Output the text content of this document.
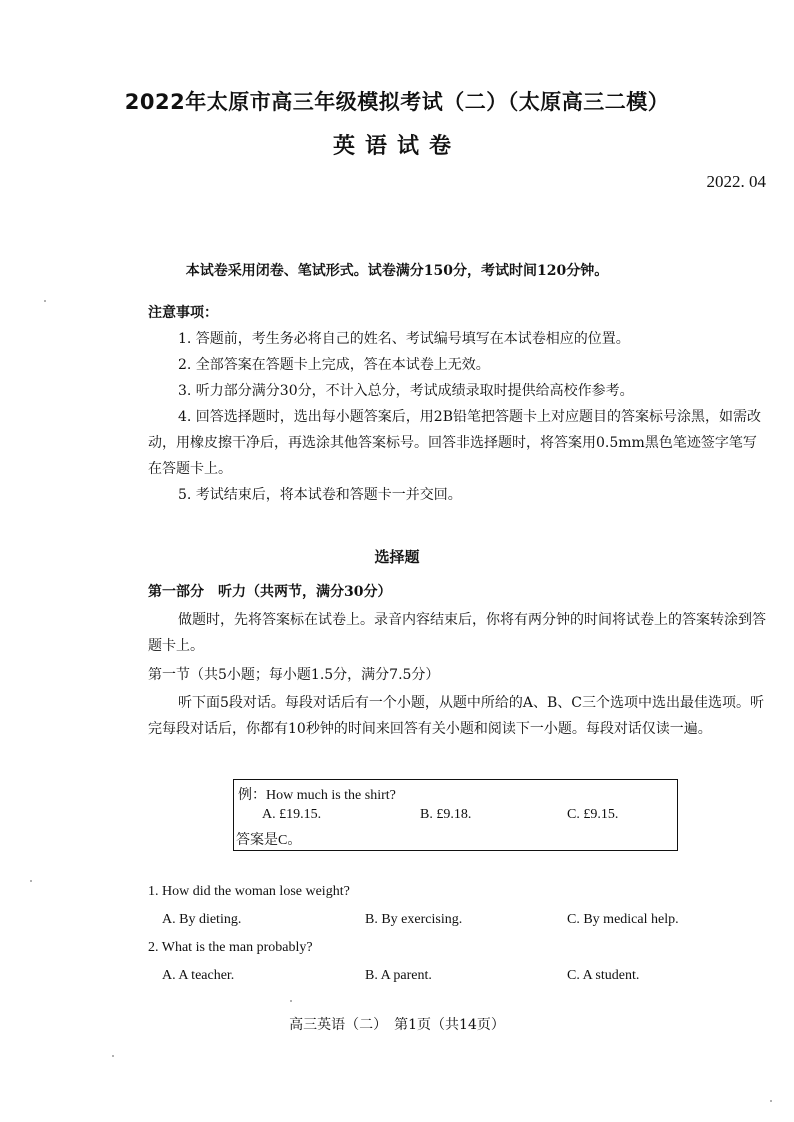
2022年太原市高三年级模拟考试（二）（太原高三二模）
英语试卷
2022. 04
本试卷采用闭卷、笔试形式。试卷满分150分，考试时间120分钟。
注意事项：

1. 答题前，考生务必将自己的姓名、考试编号填写在本试卷相应的位置。

2. 全部答案在答题卡上完成，答在本试卷上无效。

3. 听力部分满分30分，不计入总分，考试成绩录取时提供给高校作参考。

4. 回答选择题时，选出每小题答案后，用2B铅笔把答题卡上对应题目的答案标号涂黑，如需改动，用橡皮擦干净后，再选涂其他答案标号。回答非选择题时，将答案用0.5mm黑色笔迹签字笔写在答题卡上。

5. 考试结束后，将本试卷和答题卡一并交回。

选择题
第一部分　听力（共两节，满分30分）

做题时，先将答案标在试卷上。录音内容结束后，你将有两分钟的时间将试卷上的答案转涂到答题卡上。

第一节（共5小题；每小题1.5分，满分7.5分）

听下面5段对话。每段对话后有一个小题，从题中所给的A、B、C三个选项中选出最佳选项。听完每段对话后，你都有10秒钟的时间来回答有关小题和阅读下一小题。每段对话仅读一遍。

例：How much is the shirt?
A. £19.15.	B. £9.18.	C. £9.15.
答案是C。
1. How did the woman lose weight?
A. By dieting.	B. By exercising.	C. By medical help.
2. What is the man probably?
A. A teacher.	B. A parent.	C. A student.
高三英语（二）　第1页（共14页）
